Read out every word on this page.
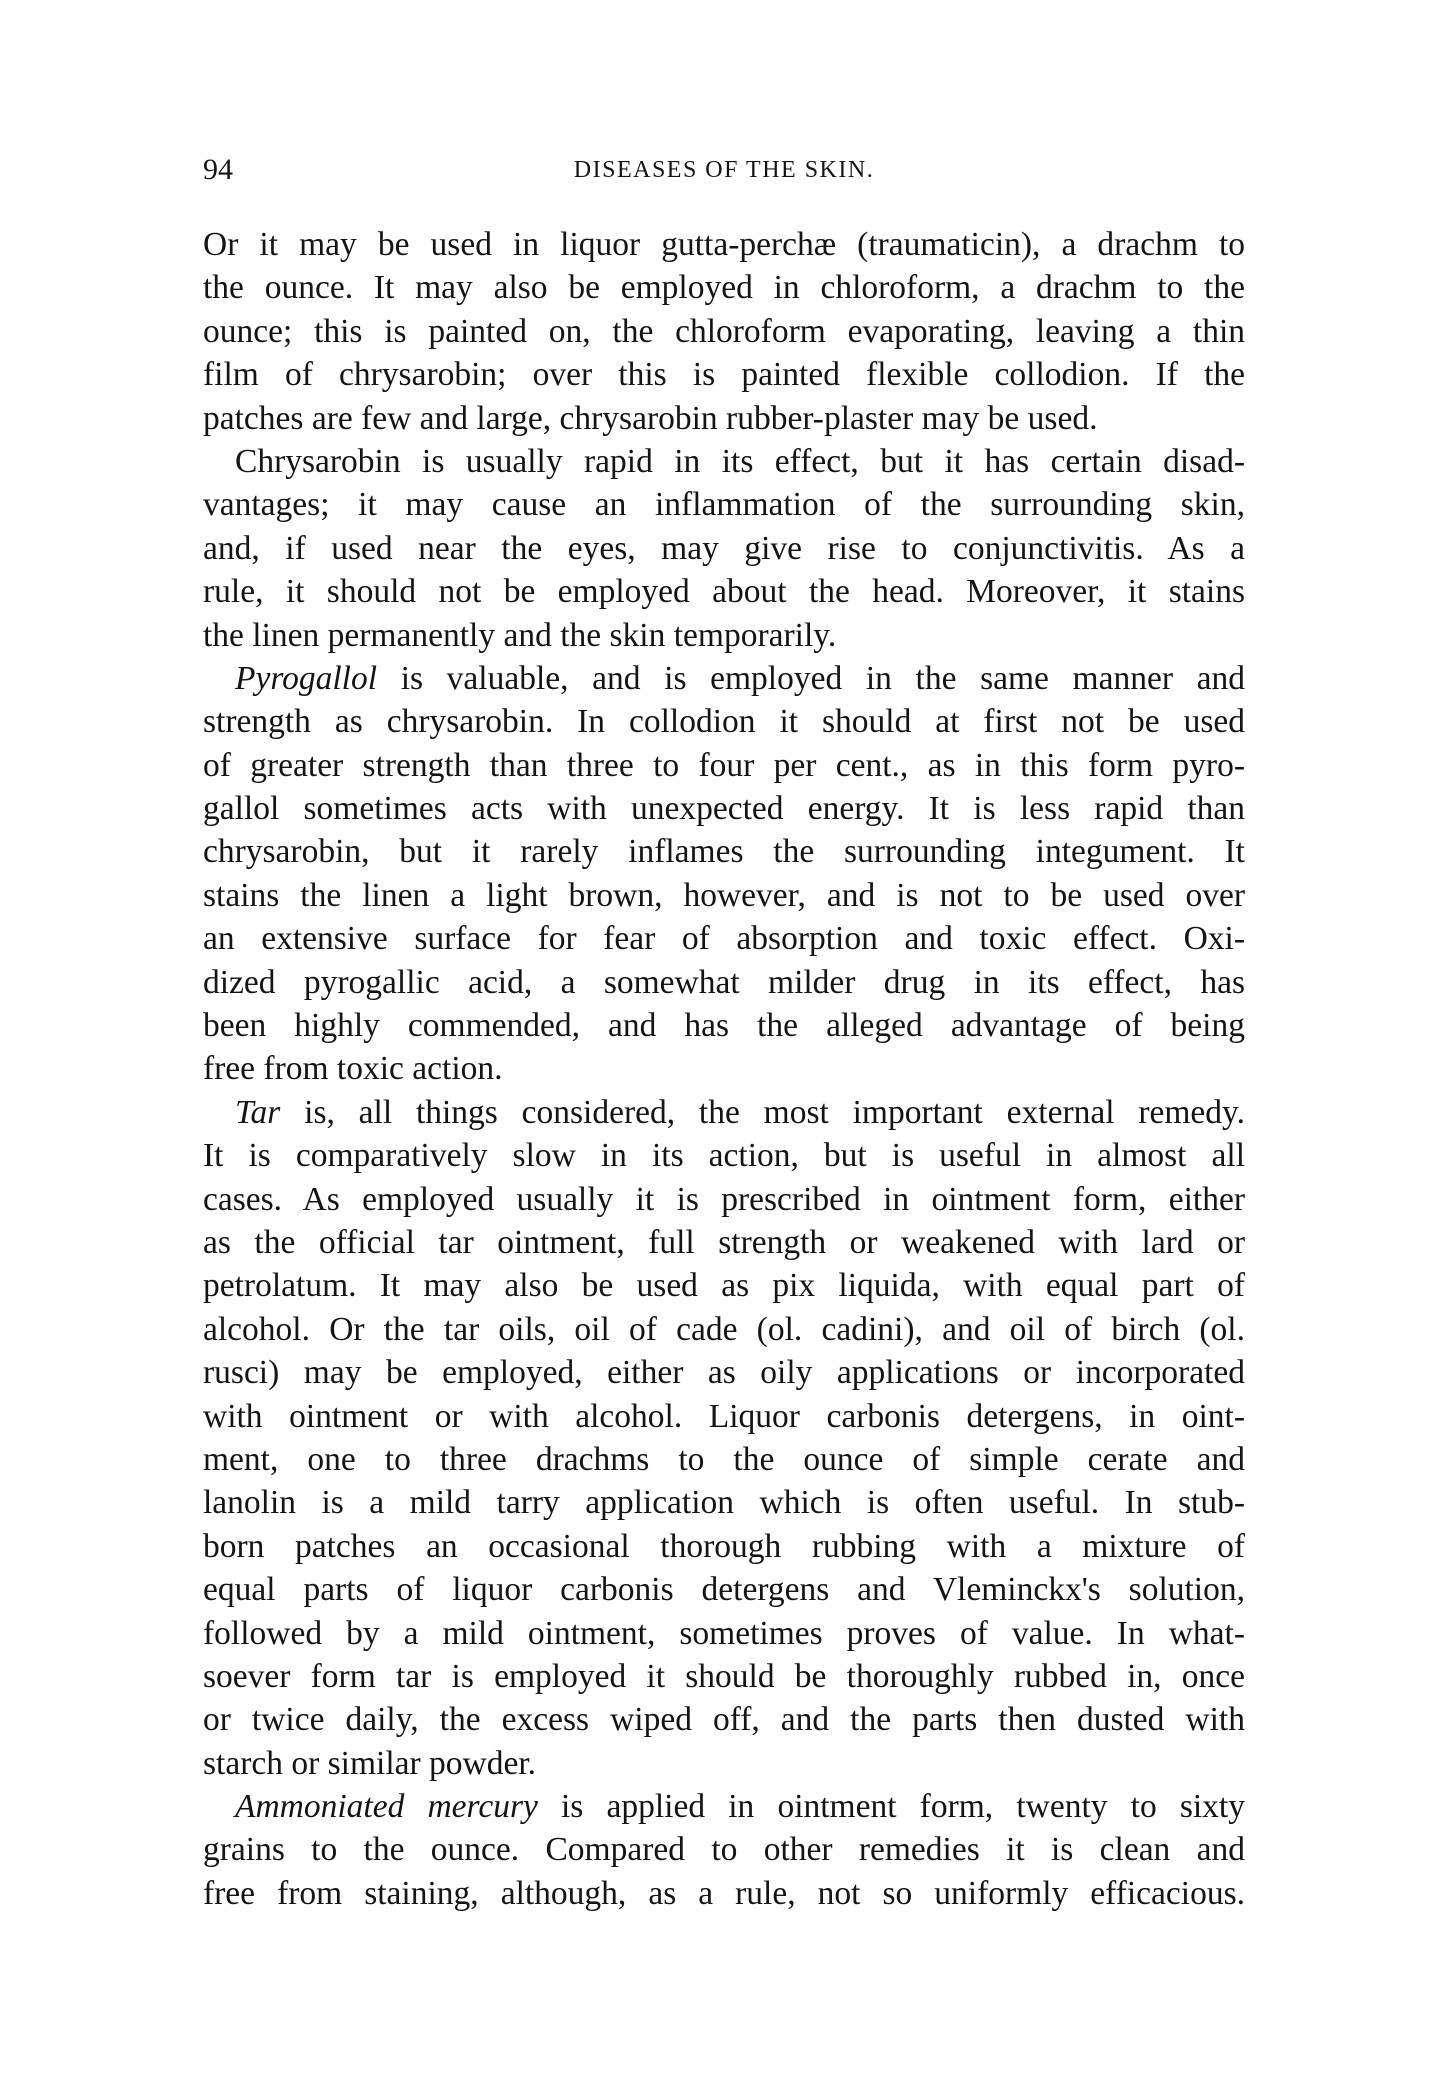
94	DISEASES OF THE SKIN.
Or it may be used in liquor gutta-perchæ (traumaticin), a drachm to
the ounce. It may also be employed in chloroform, a drachm to the
ounce; this is painted on, the chloroform evaporating, leaving a thin
film of chrysarobin; over this is painted flexible collodion. If the
patches are few and large, chrysarobin rubber-plaster may be used.
Chrysarobin is usually rapid in its effect, but it has certain disad-
vantages; it may cause an inflammation of the surrounding skin,
and, if used near the eyes, may give rise to conjunctivitis. As a
rule, it should not be employed about the head. Moreover, it stains
the linen permanently and the skin temporarily.
Pyrogallol is valuable, and is employed in the same manner and
strength as chrysarobin. In collodion it should at first not be used
of greater strength than three to four per cent., as in this form pyro-
gallol sometimes acts with unexpected energy. It is less rapid than
chrysarobin, but it rarely inflames the surrounding integument. It
stains the linen a light brown, however, and is not to be used over
an extensive surface for fear of absorption and toxic effect. Oxi-
dized pyrogallic acid, a somewhat milder drug in its effect, has
been highly commended, and has the alleged advantage of being
free from toxic action.
Tar is, all things considered, the most important external remedy.
It is comparatively slow in its action, but is useful in almost all
cases. As employed usually it is prescribed in ointment form, either
as the official tar ointment, full strength or weakened with lard or
petrolatum. It may also be used as pix liquida, with equal part of
alcohol. Or the tar oils, oil of cade (ol. cadini), and oil of birch (ol.
rusci) may be employed, either as oily applications or incorporated
with ointment or with alcohol. Liquor carbonis detergens, in oint-
ment, one to three drachms to the ounce of simple cerate and
lanolin is a mild tarry application which is often useful. In stub-
born patches an occasional thorough rubbing with a mixture of
equal parts of liquor carbonis detergens and Vleminckx's solution,
followed by a mild ointment, sometimes proves of value. In what-
soever form tar is employed it should be thoroughly rubbed in, once
or twice daily, the excess wiped off, and the parts then dusted with
starch or similar powder.
Ammoniated mercury is applied in ointment form, twenty to sixty
grains to the ounce. Compared to other remedies it is clean and
free from staining, although, as a rule, not so uniformly efficacious.
